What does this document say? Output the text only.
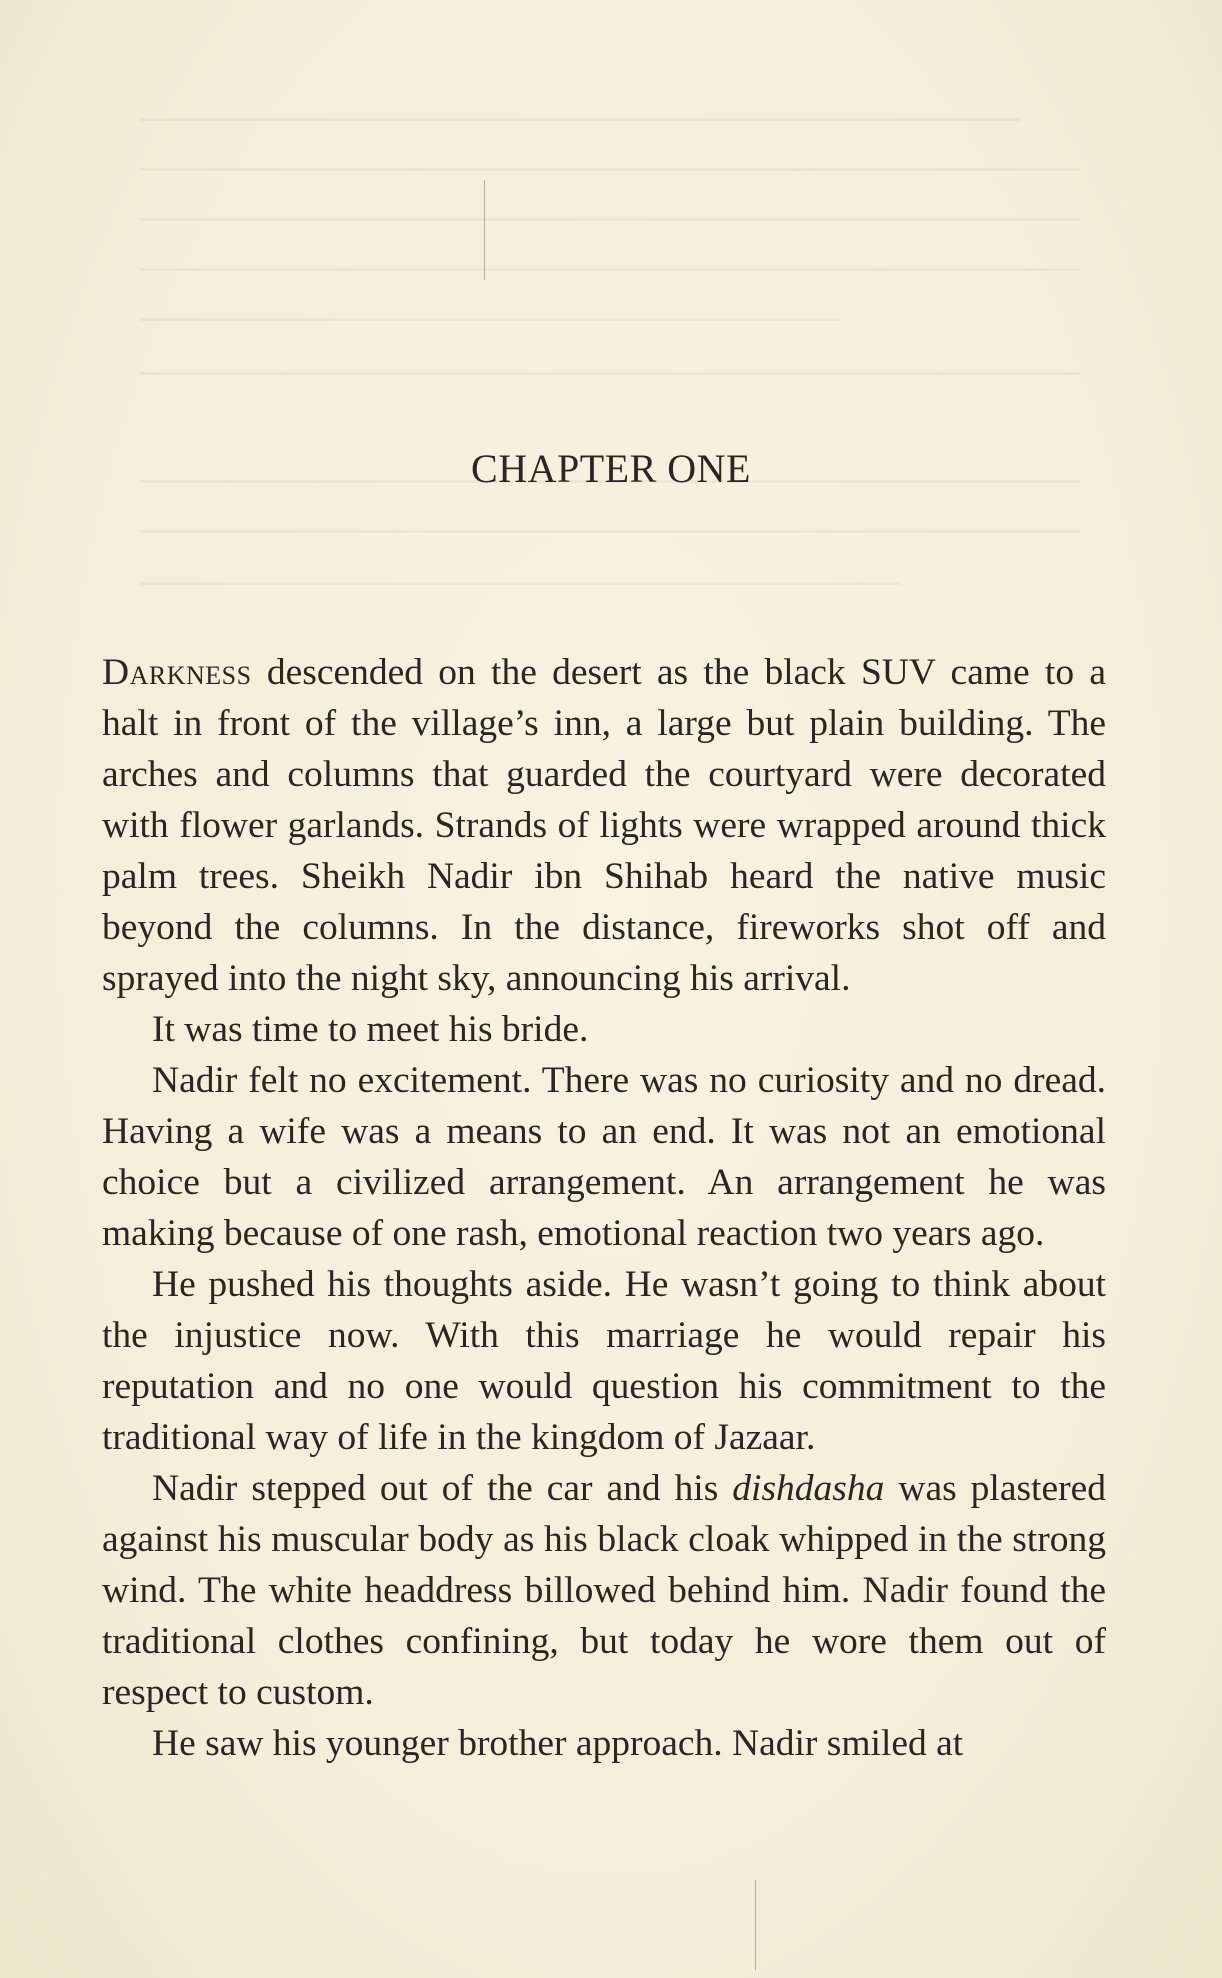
CHAPTER ONE

Darkness descended on the desert as the black SUV came to a halt in front of the village’s inn, a large but plain building. The arches and columns that guarded the courtyard were decorated with flower garlands. Strands of lights were wrapped around thick palm trees. Sheikh Nadir ibn Shihab heard the native music beyond the columns. In the distance, fireworks shot off and sprayed into the night sky, announcing his arrival.

It was time to meet his bride.

Nadir felt no excitement. There was no curiosity and no dread. Having a wife was a means to an end. It was not an emotional choice but a civilized arrangement. An arrangement he was making because of one rash, emotional reaction two years ago.

He pushed his thoughts aside. He wasn’t going to think about the injustice now. With this marriage he would repair his reputation and no one would question his commitment to the traditional way of life in the kingdom of Jazaar.

Nadir stepped out of the car and his dishdasha was plastered against his muscular body as his black cloak whipped in the strong wind. The white headdress billowed behind him. Nadir found the traditional clothes confining, but today he wore them out of respect to custom.

He saw his younger brother approach. Nadir smiled at
